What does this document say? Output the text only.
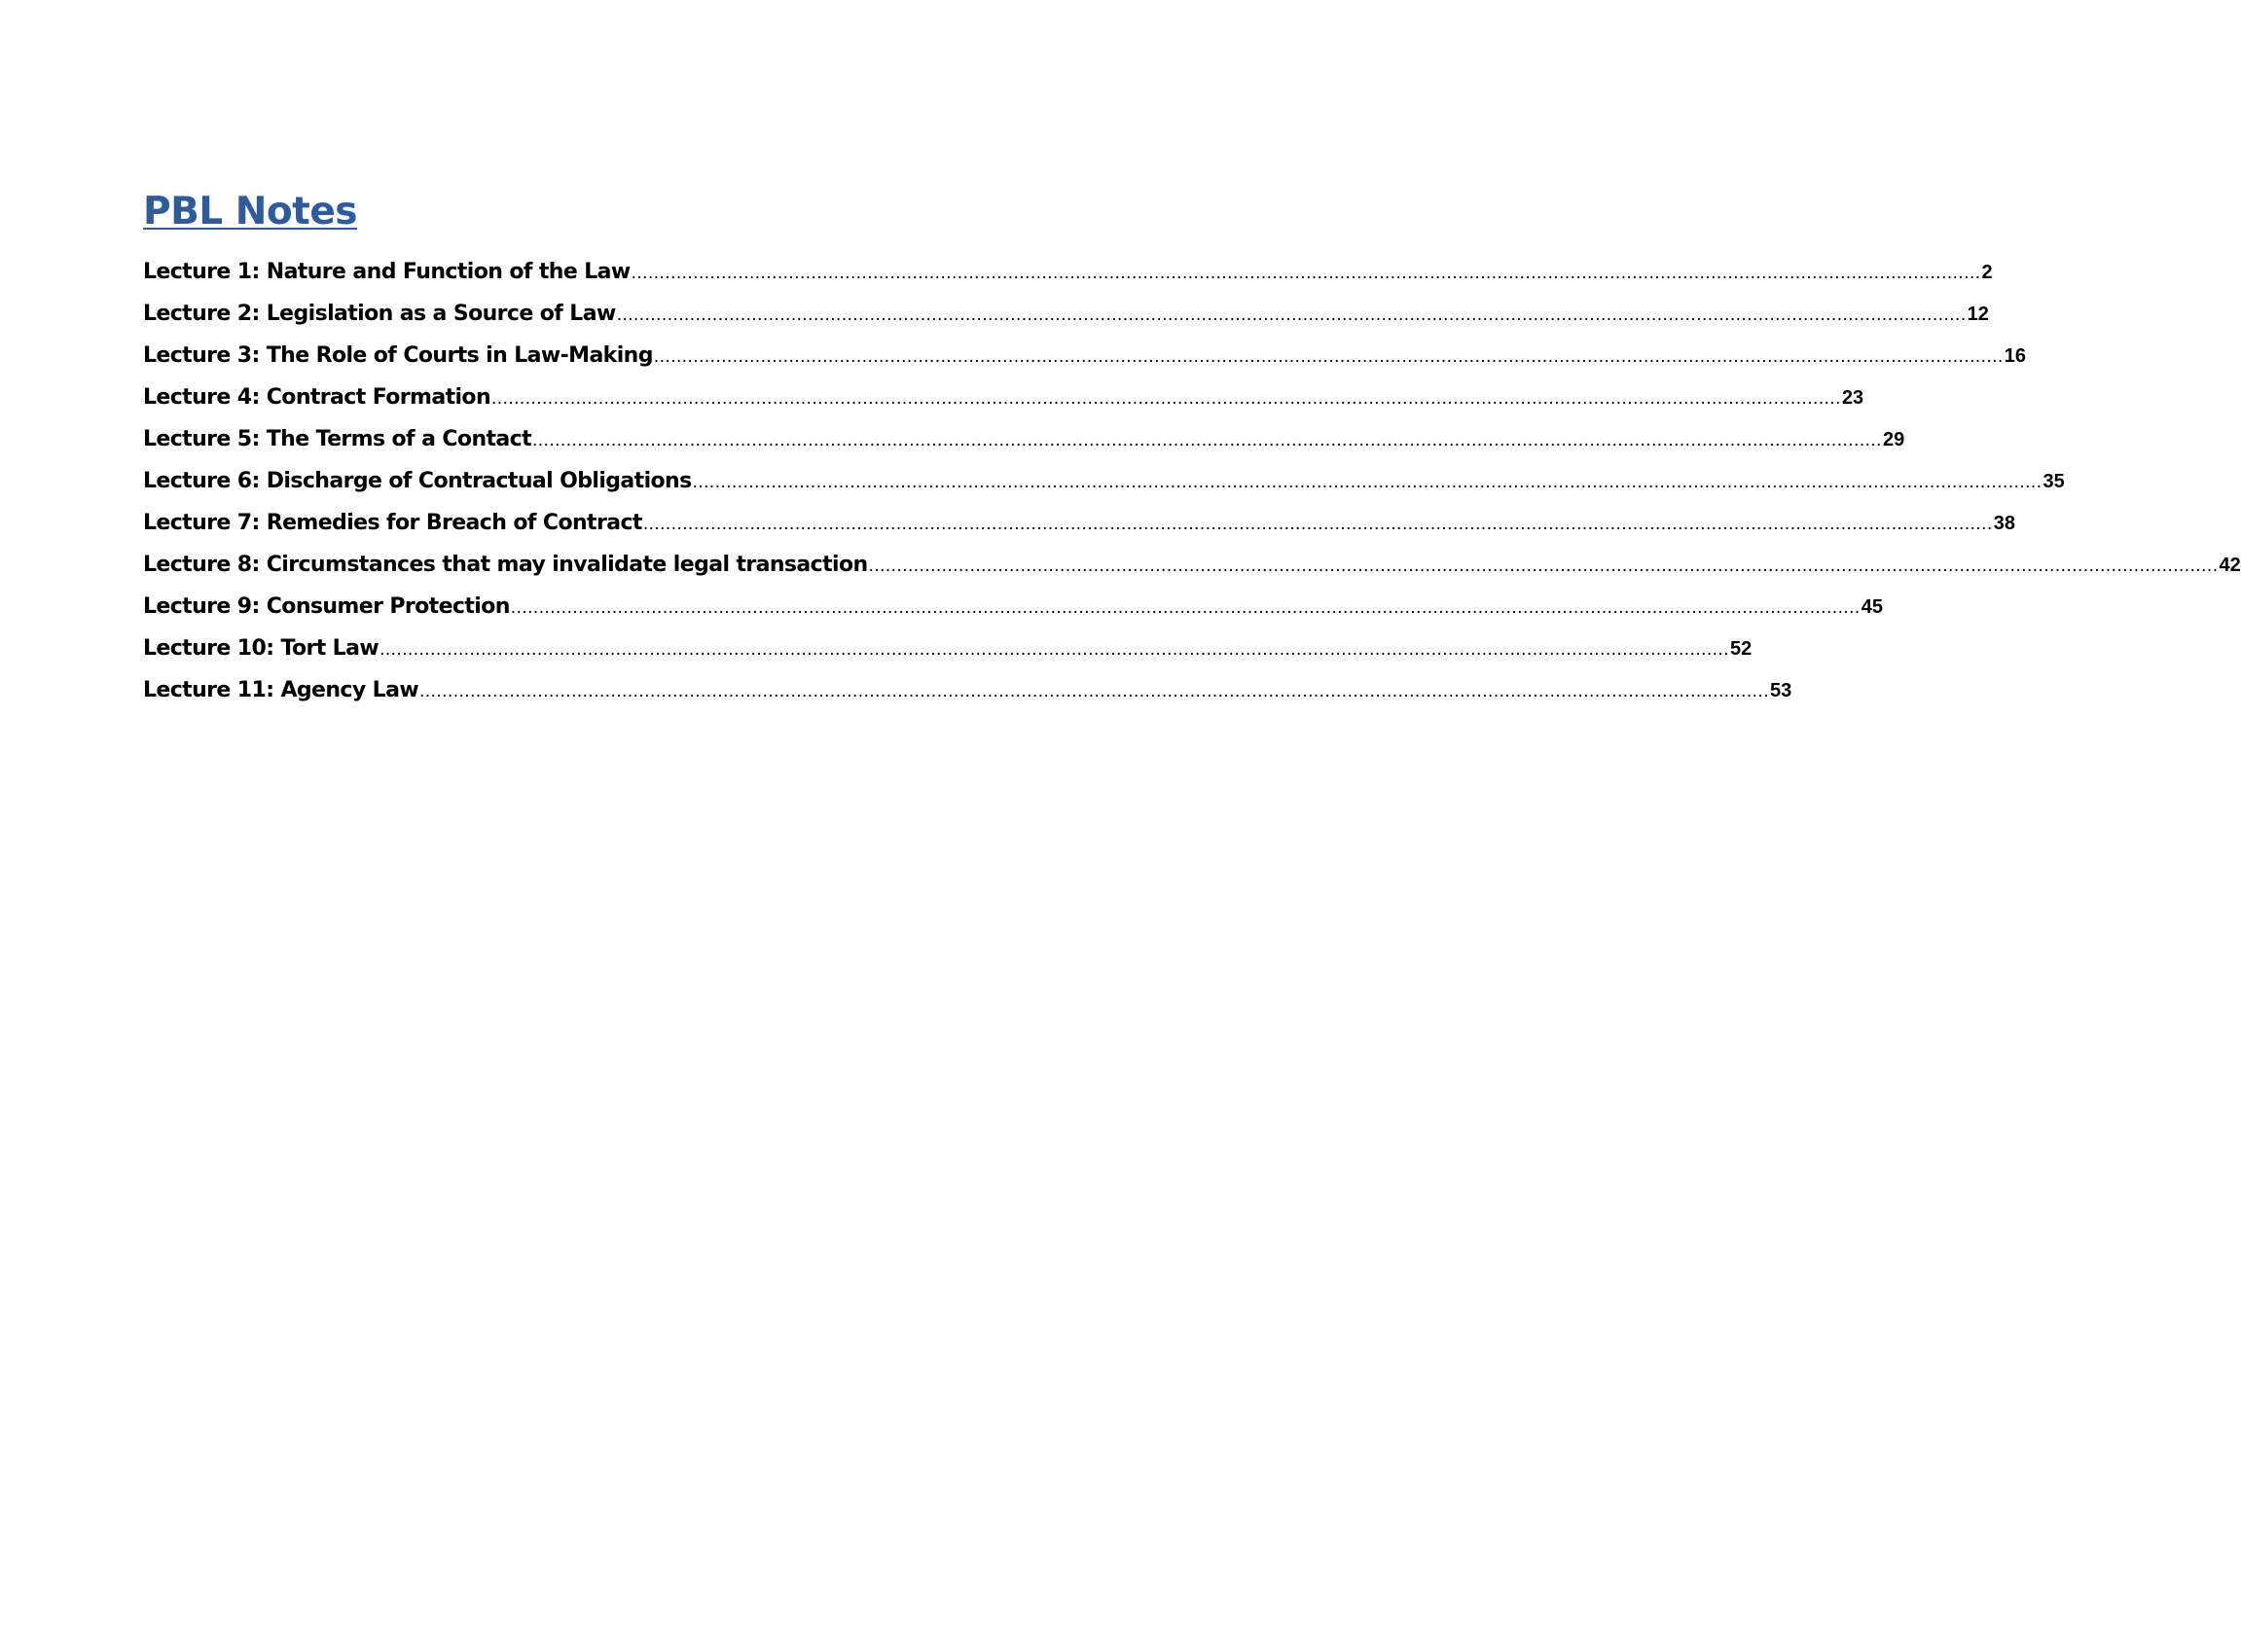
PBL Notes
Lecture 1: Nature and Function of the Law ................................................................................................................................................................................................................................................ 2
Lecture 2: Legislation as a Source of Law ................................................................................................................................................................................................................................................ 12
Lecture 3: The Role of Courts in Law-Making ................................................................................................................................................................................................................................................ 16
Lecture 4: Contract Formation ................................................................................................................................................................................................................................................ 23
Lecture 5: The Terms of a Contact ................................................................................................................................................................................................................................................ 29
Lecture 6: Discharge of Contractual Obligations ................................................................................................................................................................................................................................................ 35
Lecture 7: Remedies for Breach of Contract ................................................................................................................................................................................................................................................ 38
Lecture 8: Circumstances that may invalidate legal transaction ................................................................................................................................................................................................................................................ 42
Lecture 9: Consumer Protection ................................................................................................................................................................................................................................................ 45
Lecture 10: Tort Law ................................................................................................................................................................................................................................................ 52
Lecture 11: Agency Law ................................................................................................................................................................................................................................................ 53
